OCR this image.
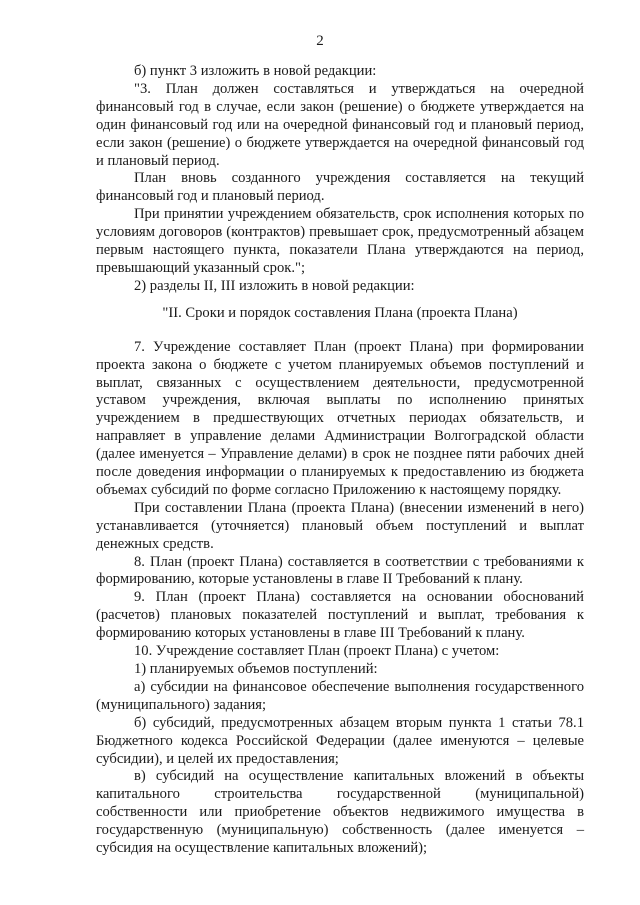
2

б) пункт 3 изложить в новой редакции:

"3. План должен составляться и утверждаться на очередной финансовый год в случае, если закон (решение) о бюджете утверждается на один финансовый год или на очередной финансовый год и плановый период, если закон (решение) о бюджете утверждается на очередной финансовый год и плановый период.

План вновь созданного учреждения составляется на текущий финансовый год и плановый период.

При принятии учреждением обязательств, срок исполнения которых по условиям договоров (контрактов) превышает срок, предусмотренный абзацем первым настоящего пункта, показатели Плана утверждаются на период, превышающий указанный срок.";

2) разделы II, III изложить в новой редакции:

"II. Сроки и порядок составления Плана (проекта Плана)

7. Учреждение составляет План (проект Плана) при формировании проекта закона о бюджете с учетом планируемых объемов поступлений и выплат, связанных с осуществлением деятельности, предусмотренной уставом учреждения, включая выплаты по исполнению принятых учреждением в предшествующих отчетных периодах обязательств, и направляет в управление делами Администрации Волгоградской области (далее именуется – Управление делами) в срок не позднее пяти рабочих дней после доведения информации о планируемых к предоставлению из бюджета объемах субсидий по форме согласно Приложению к настоящему порядку.

При составлении Плана (проекта Плана) (внесении изменений в него) устанавливается (уточняется) плановый объем поступлений и выплат денежных средств.

8. План (проект Плана) составляется в соответствии с требованиями к формированию, которые установлены в главе II Требований к плану.

9. План (проект Плана) составляется на основании обоснований (расчетов) плановых показателей поступлений и выплат, требования к формированию которых установлены в главе III Требований к плану.

10. Учреждение составляет План (проект Плана) с учетом:

1) планируемых объемов поступлений:

а) субсидии на финансовое обеспечение выполнения государственного (муниципального) задания;

б) субсидий, предусмотренных абзацем вторым пункта 1 статьи 78.1 Бюджетного кодекса Российской Федерации (далее именуются – целевые субсидии), и целей их предоставления;

в) субсидий на осуществление капитальных вложений в объекты капитального строительства государственной (муниципальной) собственности или приобретение объектов недвижимого имущества в государственную (муниципальную) собственность (далее именуется – субсидия на осуществление капитальных вложений);
